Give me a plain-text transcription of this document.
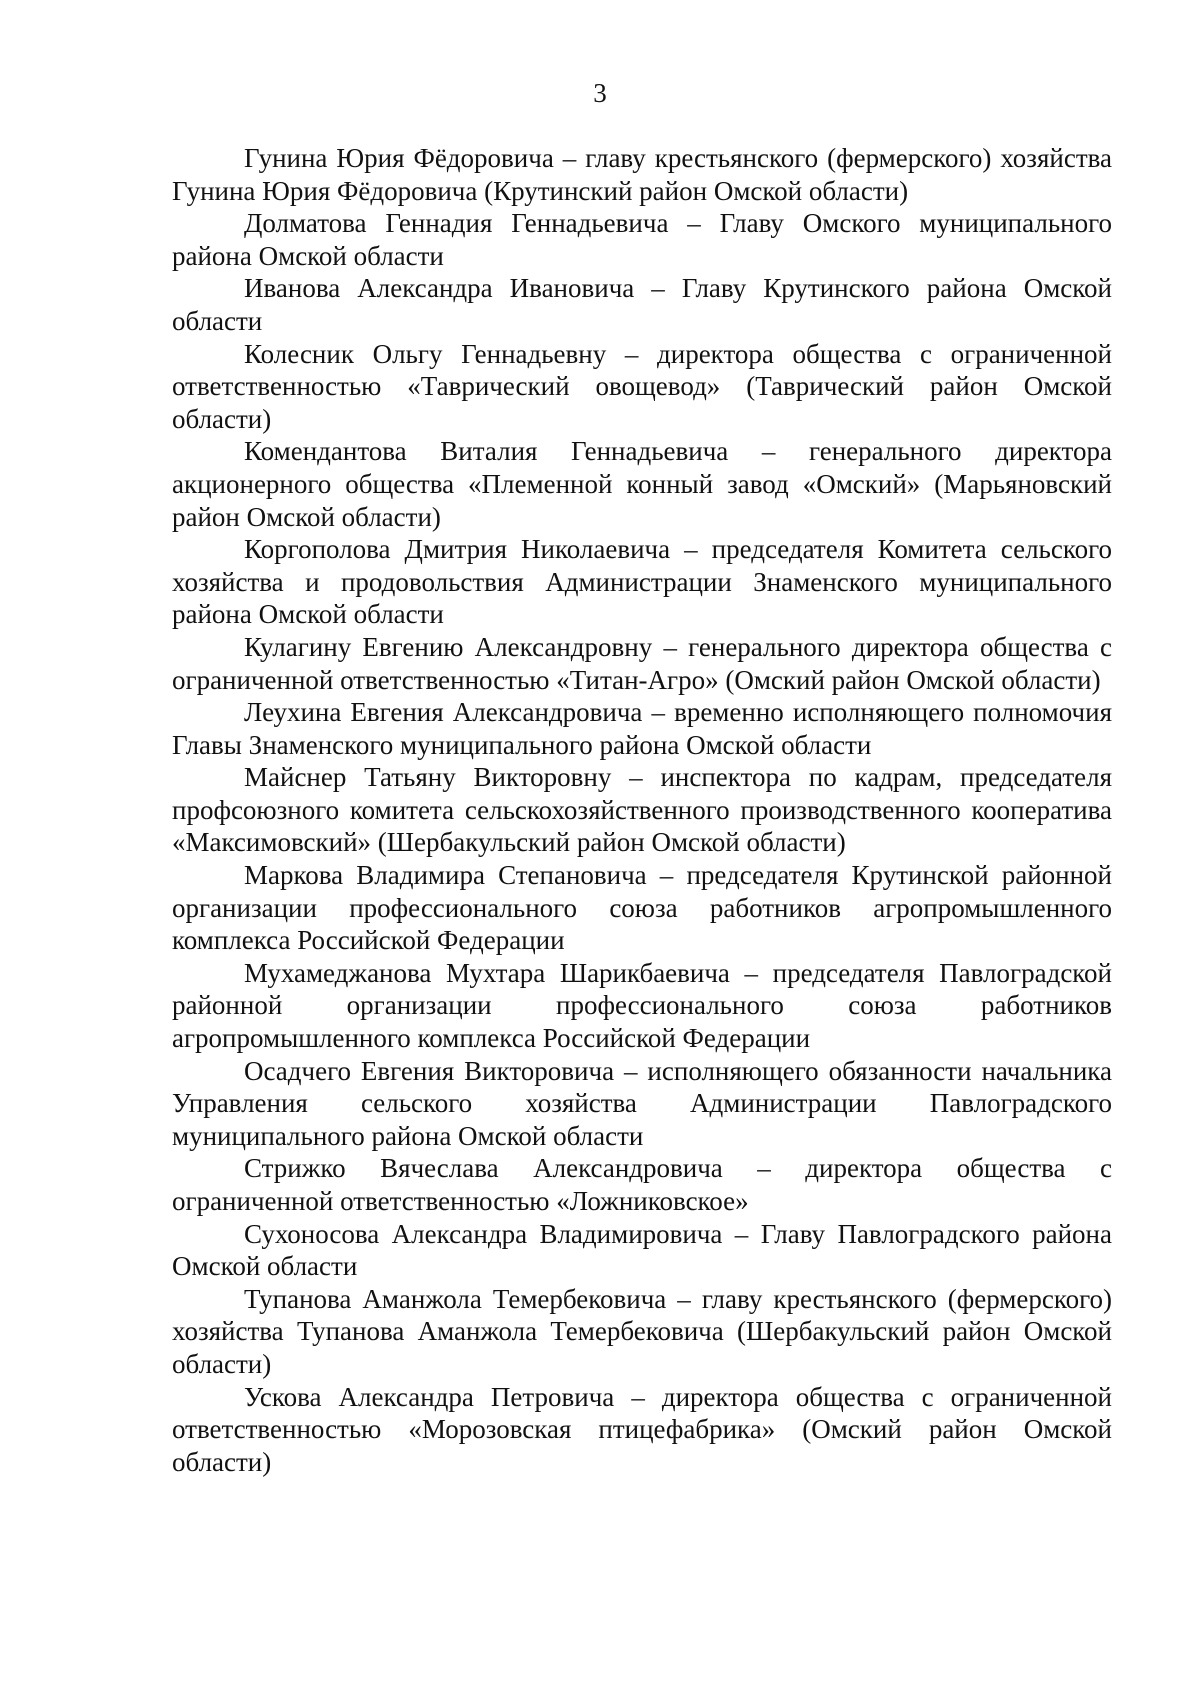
3

Гунина Юрия Фёдоровича – главу крестьянского (фермерского) хозяйства Гунина Юрия Фёдоровича (Крутинский район Омской области)

Долматова Геннадия Геннадьевича – Главу Омского муниципального района Омской области

Иванова Александра Ивановича – Главу Крутинского района Омской области

Колесник Ольгу Геннадьевну – директора общества с ограниченной ответственностью «Таврический овощевод» (Таврический район Омской области)

Комендантова Виталия Геннадьевича – генерального директора акционерного общества «Племенной конный завод «Омский» (Марьяновский район Омской области)

Коргополова Дмитрия Николаевича – председателя Комитета сельского хозяйства и продовольствия Администрации Знаменского муниципального района Омской области

Кулагину Евгению Александровну – генерального директора общества с ограниченной ответственностью «Титан-Агро» (Омский район Омской области)

Леухина Евгения Александровича – временно исполняющего полномочия Главы Знаменского муниципального района Омской области

Майснер Татьяну Викторовну – инспектора по кадрам, председателя профсоюзного комитета сельскохозяйственного производственного кооператива «Максимовский» (Шербакульский район Омской области)

Маркова Владимира Степановича – председателя Крутинской районной организации профессионального союза работников агропромышленного комплекса Российской Федерации

Мухамеджанова Мухтара Шарикбаевича – председателя Павлоградской районной организации профессионального союза работников агропромышленного комплекса Российской Федерации

Осадчего Евгения Викторовича – исполняющего обязанности начальника Управления сельского хозяйства Администрации Павлоградского муниципального района Омской области

Стрижко Вячеслава Александровича – директора общества с ограниченной ответственностью «Ложниковское»

Сухоносова Александра Владимировича – Главу Павлоградского района Омской области

Тупанова Аманжола Темербековича – главу крестьянского (фермерского) хозяйства Тупанова Аманжола Темербековича (Шербакульский район Омской области)

Ускова Александра Петровича – директора общества с ограниченной ответственностью «Морозовская птицефабрика» (Омский район Омской области)
